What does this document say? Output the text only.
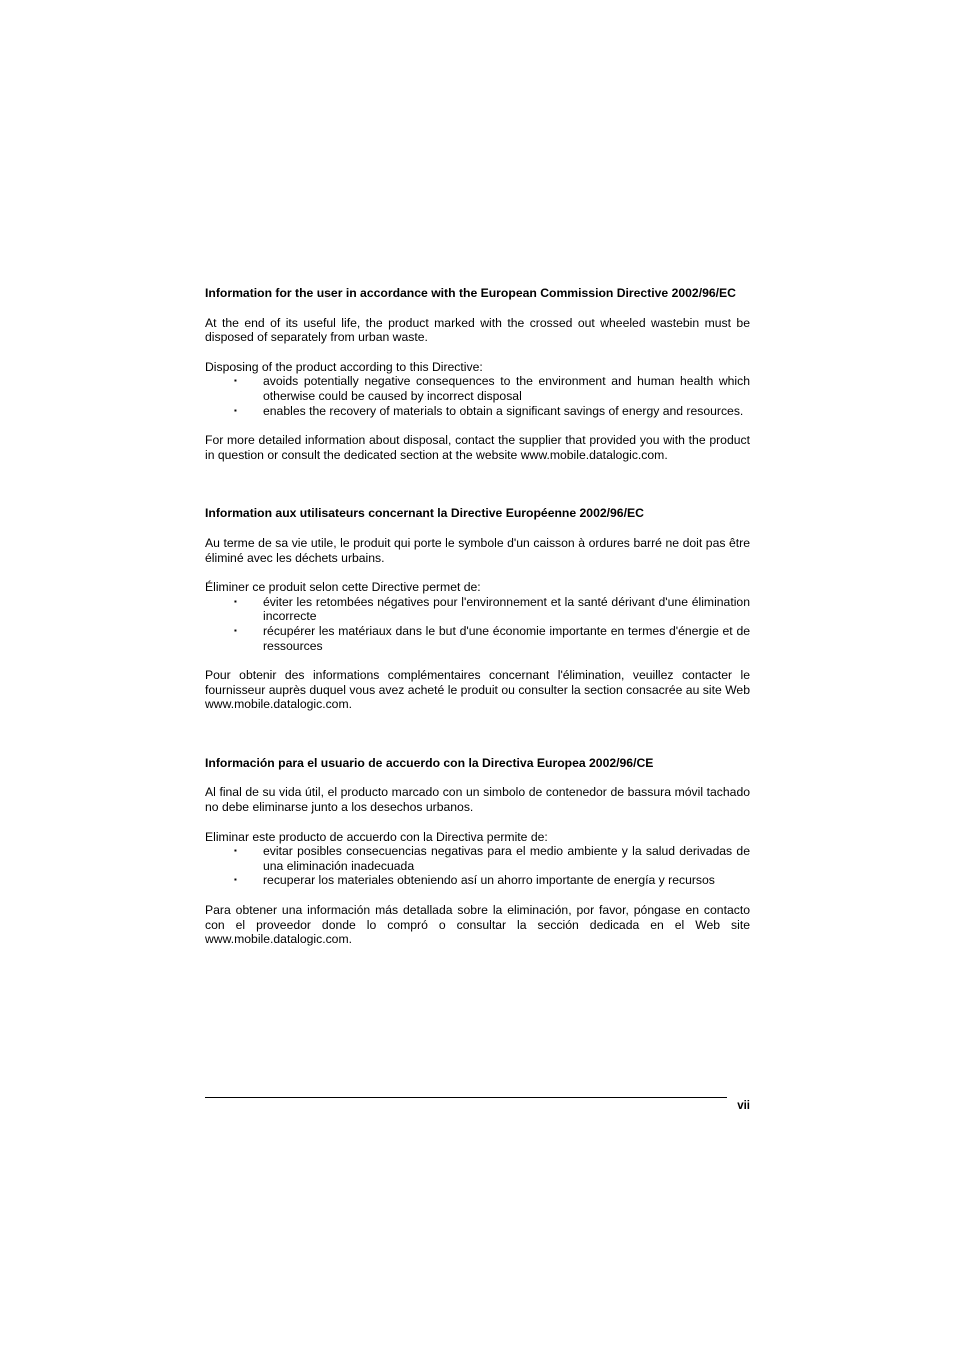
Information for the user in accordance with the European Commission Directive 2002/96/EC

At the end of its useful life, the product marked with the crossed out wheeled wastebin must be disposed of separately from urban waste.

Disposing of the product according to this Directive:

▪ avoids potentially negative consequences to the environment and human health which otherwise could be caused by incorrect disposal
▪ enables the recovery of materials to obtain a significant savings of energy and resources.

For more detailed information about disposal, contact the supplier that provided you with the product in question or consult the dedicated section at the website www.mobile.datalogic.com.

Information aux utilisateurs concernant la Directive Européenne 2002/96/EC

Au terme de sa vie utile, le produit qui porte le symbole d'un caisson à ordures barré ne doit pas être éliminé avec les déchets urbains.

Éliminer ce produit selon cette Directive permet de:

▪ éviter les retombées négatives pour l'environnement et la santé dérivant d'une élimination incorrecte
▪ récupérer les matériaux dans le but d'une économie importante en termes d'énergie et de ressources

Pour obtenir des informations complémentaires concernant l'élimination, veuillez contacter le fournisseur auprès duquel vous avez acheté le produit ou consulter la section consacrée au site Web www.mobile.datalogic.com.

Información para el usuario de accuerdo con la Directiva Europea 2002/96/CE

Al final de su vida útil, el producto marcado con un simbolo de contenedor de bassura móvil tachado no debe eliminarse junto a los desechos urbanos.

Eliminar este producto de accuerdo con la Directiva permite de:

▪ evitar posibles consecuencias negativas para el medio ambiente y la salud derivadas de una eliminación inadecuada
▪ recuperar los materiales obteniendo así un ahorro importante de energía y recursos

Para obtener una información más detallada sobre la eliminación, por favor, póngase en contacto con el proveedor donde lo compró o consultar la sección dedicada en el Web site www.mobile.datalogic.com.

vii
